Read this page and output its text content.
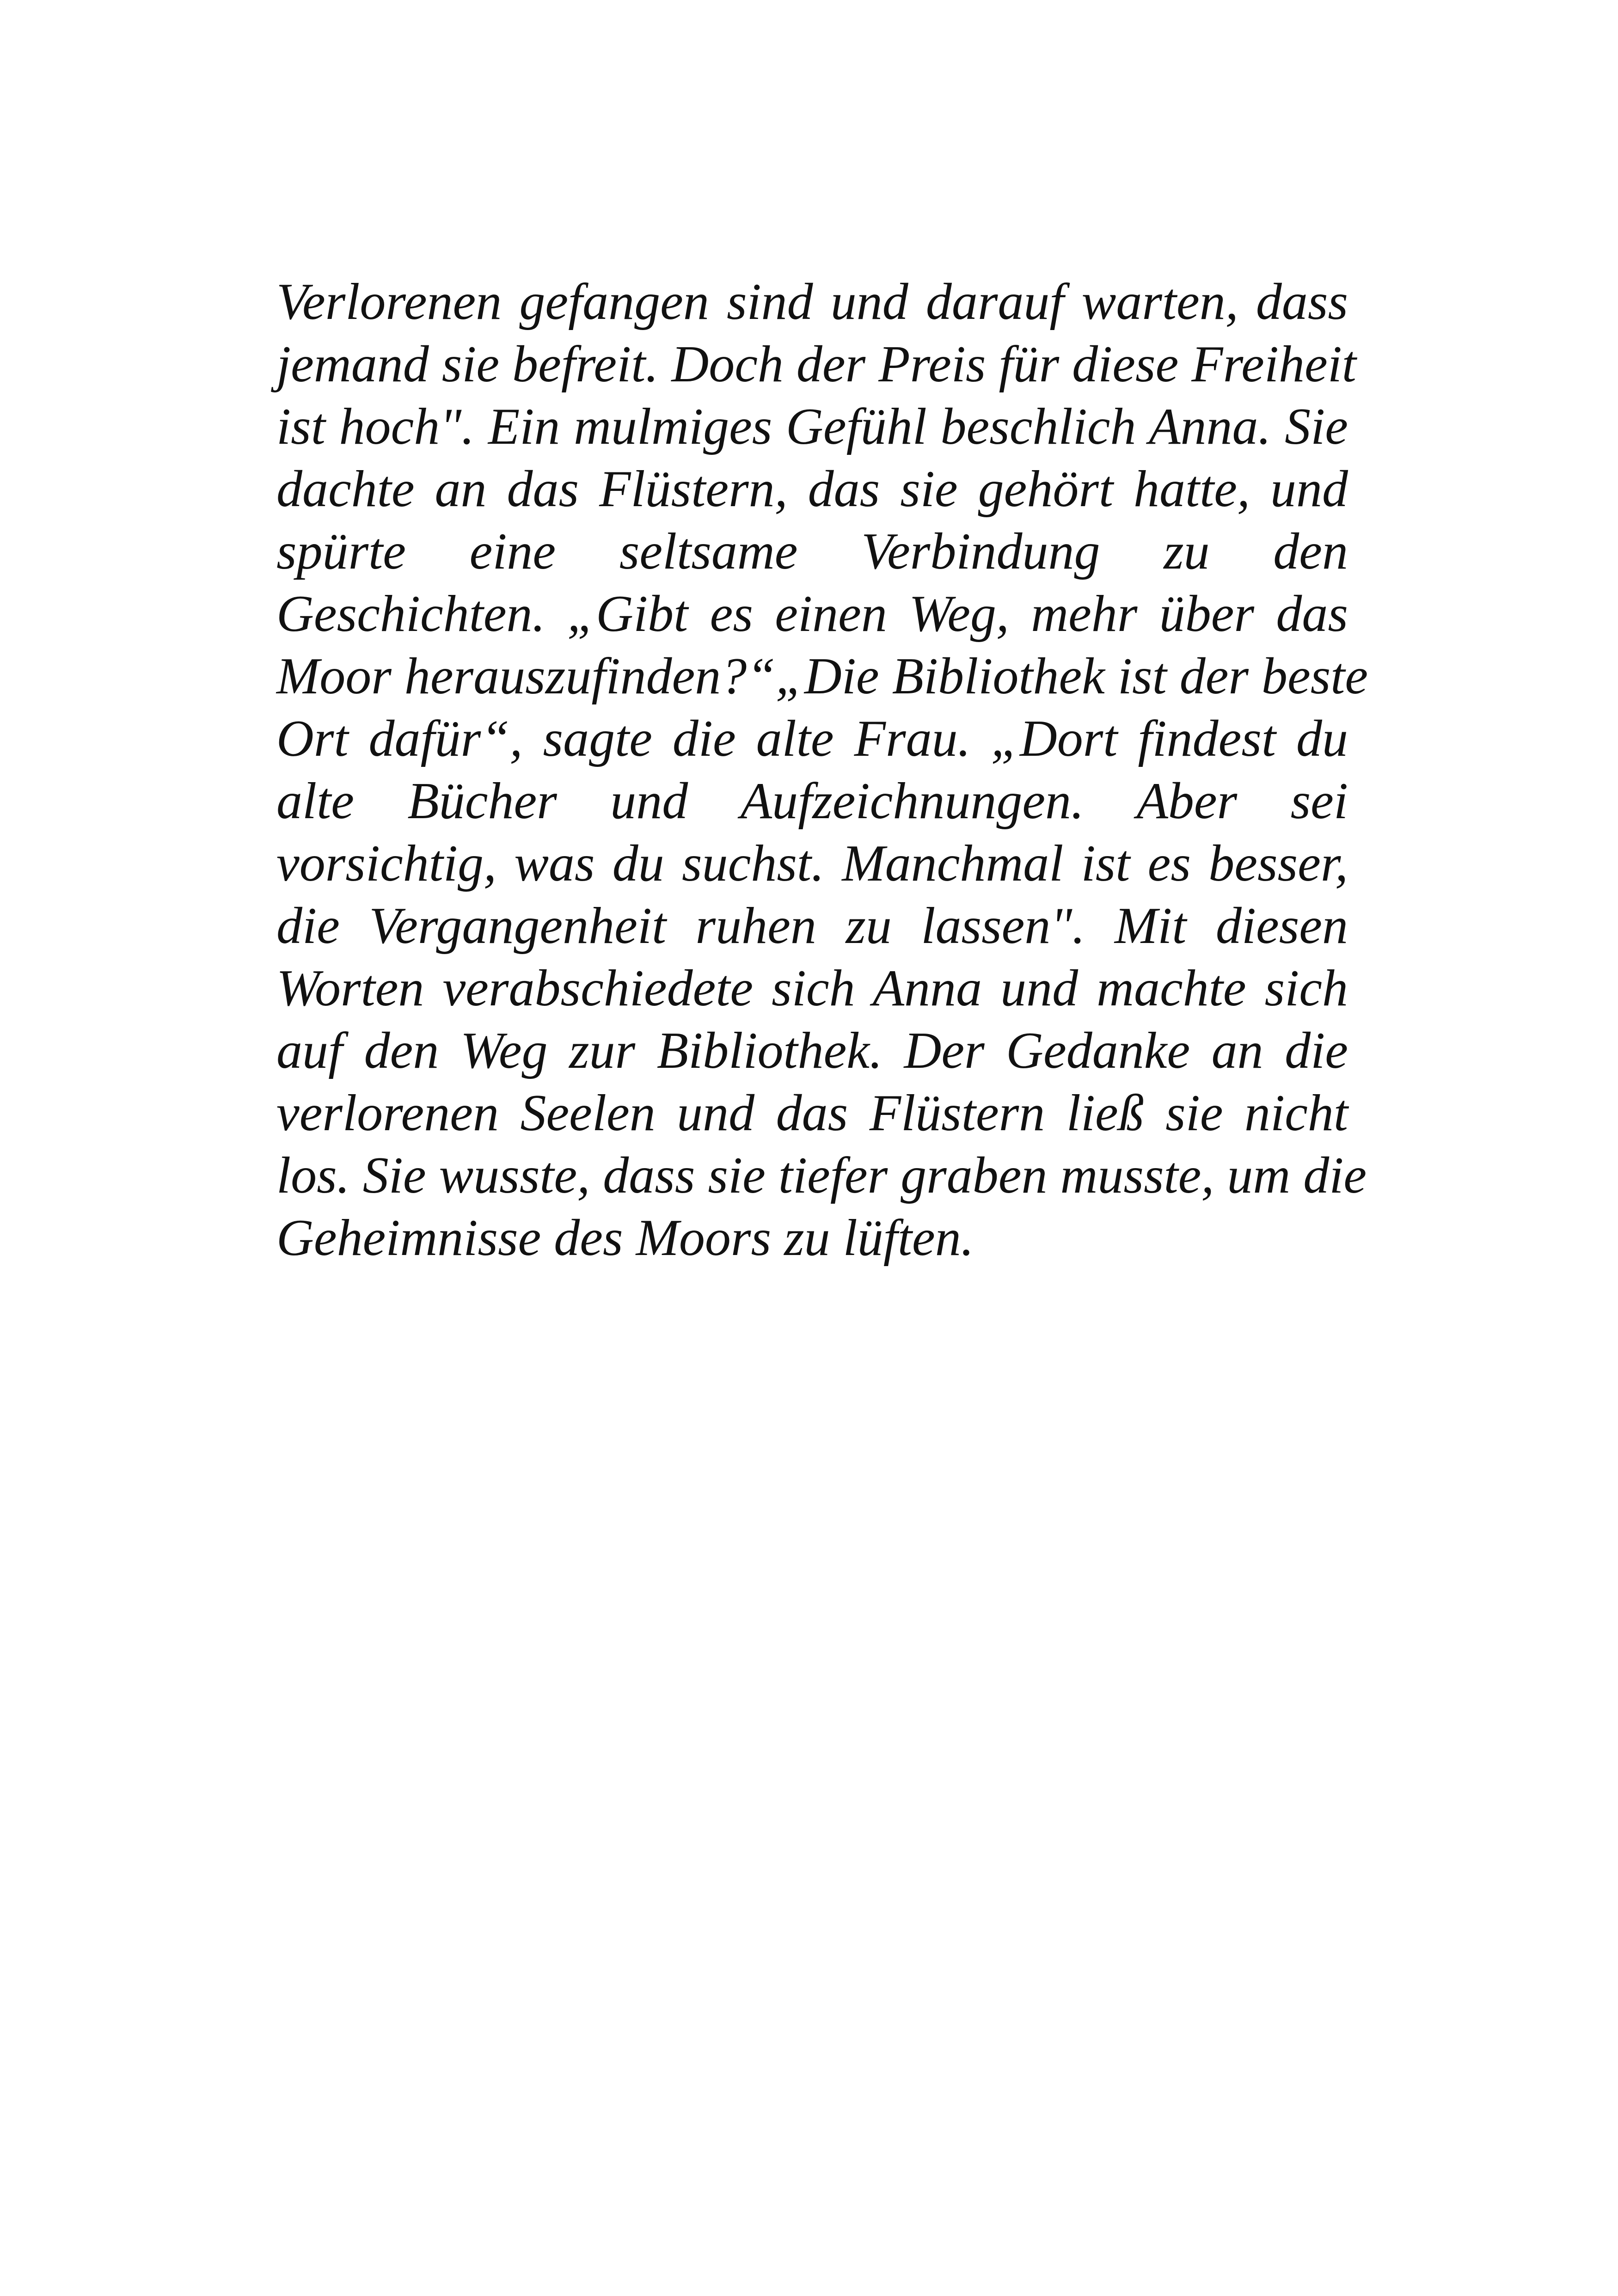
Verlorenen gefangen sind und darauf warten, dass
jemand sie befreit. Doch der Preis für diese Freiheit
ist hoch". Ein mulmiges Gefühl beschlich Anna. Sie
dachte an das Flüstern, das sie gehört hatte, und
spürte eine seltsame Verbindung zu den
Geschichten. „Gibt es einen Weg, mehr über das
Moor herauszufinden?“„Die Bibliothek ist der beste
Ort dafür“, sagte die alte Frau. „Dort findest du
alte Bücher und Aufzeichnungen. Aber sei
vorsichtig, was du suchst. Manchmal ist es besser,
die Vergangenheit ruhen zu lassen". Mit diesen
Worten verabschiedete sich Anna und machte sich
auf den Weg zur Bibliothek. Der Gedanke an die
verlorenen Seelen und das Flüstern ließ sie nicht
los. Sie wusste, dass sie tiefer graben musste, um die
Geheimnisse des Moors zu lüften.
